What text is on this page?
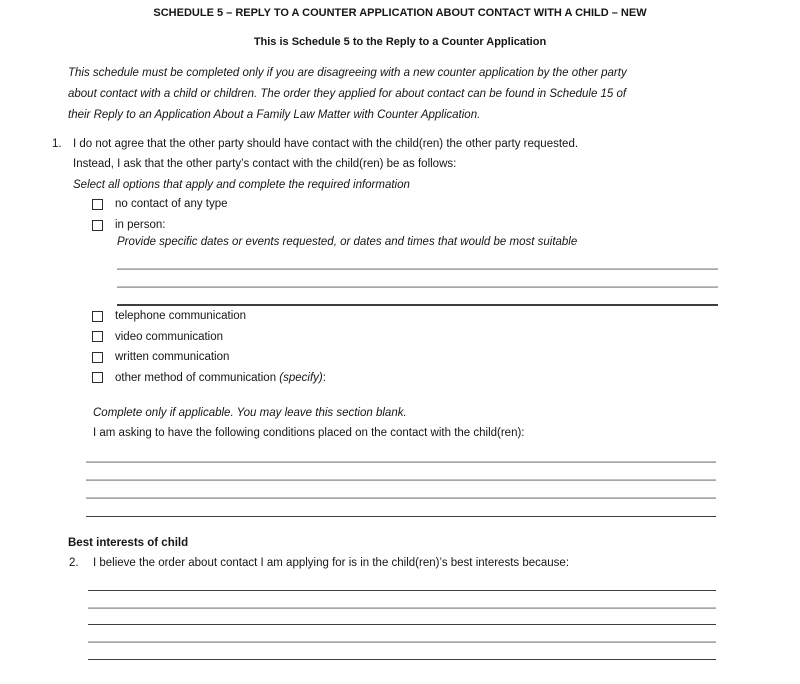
SCHEDULE 5 – REPLY TO A COUNTER APPLICATION ABOUT CONTACT WITH A CHILD – NEW
This is Schedule 5 to the Reply to a Counter Application
This schedule must be completed only if you are disagreeing with a new counter application by the other party
about contact with a child or children. The order they applied for about contact can be found in Schedule 15 of
their Reply to an Application About a Family Law Matter with Counter Application.
1. I do not agree that the other party should have contact with the child(ren) the other party requested.
Instead, I ask that the other party’s contact with the child(ren) be as follows:
Select all options that apply and complete the required information
no contact of any type
in person:
Provide specific dates or events requested, or dates and times that would be most suitable
telephone communication
video communication
written communication
other method of communication (specify):
Complete only if applicable. You may leave this section blank.
I am asking to have the following conditions placed on the contact with the child(ren):
Best interests of child
2. I believe the order about contact I am applying for is in the child(ren)’s best interests because:
